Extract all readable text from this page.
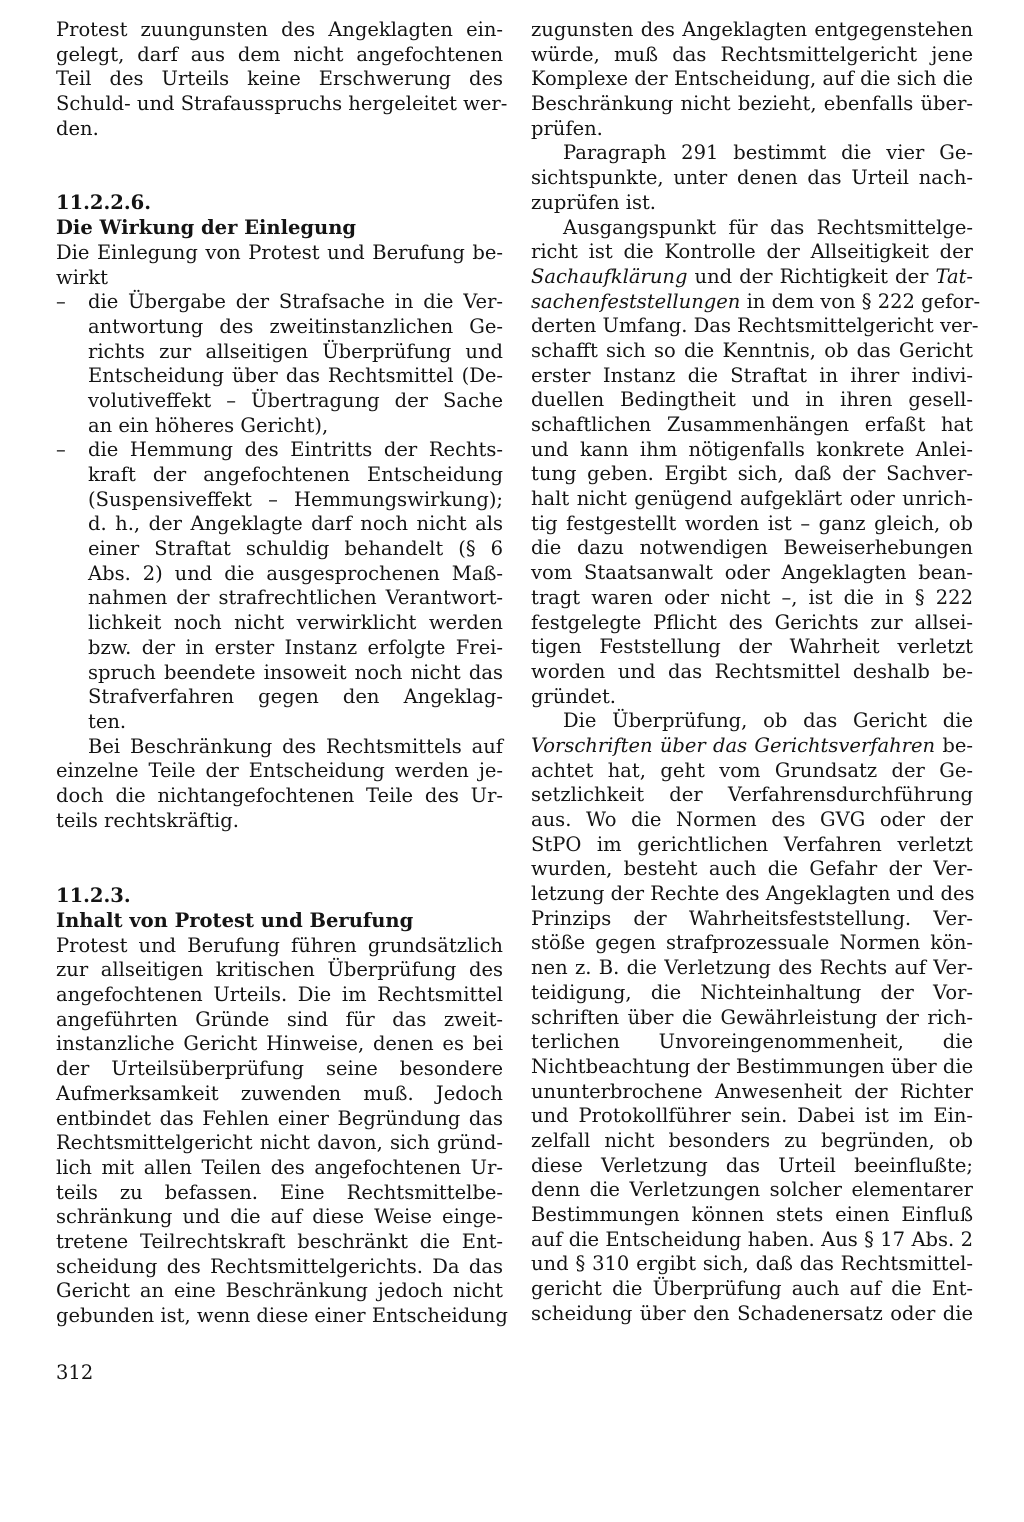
Protest zuungunsten des Angeklagten ein-
gelegt, darf aus dem nicht angefochtenen
Teil des Urteils keine Erschwerung des
Schuld- und Strafausspruchs hergeleitet wer-
den.
11.2.2.6.
Die Wirkung der Einlegung
Die Einlegung von Protest und Berufung be-
wirkt
– die Übergabe der Strafsache in die Ver-
antwortung des zweitinstanzlichen Ge-
richts zur allseitigen Überprüfung und
Entscheidung über das Rechtsmittel (De-
volutiveffekt – Übertragung der Sache
an ein höheres Gericht),
– die Hemmung des Eintritts der Rechts-
kraft der angefochtenen Entscheidung
(Suspensiveffekt – Hemmungswirkung);
d. h., der Angeklagte darf noch nicht als
einer Straftat schuldig behandelt (§ 6
Abs. 2) und die ausgesprochenen Maß-
nahmen der strafrechtlichen Verantwort-
lichkeit noch nicht verwirklicht werden
bzw. der in erster Instanz erfolgte Frei-
spruch beendete insoweit noch nicht das
Strafverfahren gegen den Angeklag-
ten.
Bei Beschränkung des Rechtsmittels auf
einzelne Teile der Entscheidung werden je-
doch die nichtangefochtenen Teile des Ur-
teils rechtskräftig.
11.2.3.
Inhalt von Protest und Berufung
Protest und Berufung führen grundsätzlich
zur allseitigen kritischen Überprüfung des
angefochtenen Urteils. Die im Rechtsmittel
angeführten Gründe sind für das zweit-
instanzliche Gericht Hinweise, denen es bei
der Urteilsüberprüfung seine besondere
Aufmerksamkeit zuwenden muß. Jedoch
entbindet das Fehlen einer Begründung das
Rechtsmittelgericht nicht davon, sich gründ-
lich mit allen Teilen des angefochtenen Ur-
teils zu befassen. Eine Rechtsmittelbe-
schränkung und die auf diese Weise einge-
tretene Teilrechtskraft beschränkt die Ent-
scheidung des Rechtsmittelgerichts. Da das
Gericht an eine Beschränkung jedoch nicht
gebunden ist, wenn diese einer Entscheidung
zugunsten des Angeklagten entgegenstehen
würde, muß das Rechtsmittelgericht jene
Komplexe der Entscheidung, auf die sich die
Beschränkung nicht bezieht, ebenfalls über-
prüfen.
Paragraph 291 bestimmt die vier Ge-
sichtspunkte, unter denen das Urteil nach-
zuprüfen ist.
Ausgangspunkt für das Rechtsmittelge-
richt ist die Kontrolle der Allseitigkeit der
Sachaufklärung und der Richtigkeit der Tat-
sachenfeststellungen in dem von § 222 gefor-
derten Umfang. Das Rechtsmittelgericht ver-
schafft sich so die Kenntnis, ob das Gericht
erster Instanz die Straftat in ihrer indivi-
duellen Bedingtheit und in ihren gesell-
schaftlichen Zusammenhängen erfaßt hat
und kann ihm nötigenfalls konkrete Anlei-
tung geben. Ergibt sich, daß der Sachver-
halt nicht genügend aufgeklärt oder unrich-
tig festgestellt worden ist – ganz gleich, ob
die dazu notwendigen Beweiserhebungen
vom Staatsanwalt oder Angeklagten bean-
tragt waren oder nicht –, ist die in § 222
festgelegte Pflicht des Gerichts zur allsei-
tigen Feststellung der Wahrheit verletzt
worden und das Rechtsmittel deshalb be-
gründet.
Die Überprüfung, ob das Gericht die
Vorschriften über das Gerichtsverfahren be-
achtet hat, geht vom Grundsatz der Ge-
setzlichkeit der Verfahrensdurchführung
aus. Wo die Normen des GVG oder der
StPO im gerichtlichen Verfahren verletzt
wurden, besteht auch die Gefahr der Ver-
letzung der Rechte des Angeklagten und des
Prinzips der Wahrheitsfeststellung. Ver-
stöße gegen strafprozessuale Normen kön-
nen z. B. die Verletzung des Rechts auf Ver-
teidigung, die Nichteinhaltung der Vor-
schriften über die Gewährleistung der rich-
terlichen Unvoreingenommenheit, die
Nichtbeachtung der Bestimmungen über die
ununterbrochene Anwesenheit der Richter
und Protokollführer sein. Dabei ist im Ein-
zelfall nicht besonders zu begründen, ob
diese Verletzung das Urteil beeinflußte;
denn die Verletzungen solcher elementarer
Bestimmungen können stets einen Einfluß
auf die Entscheidung haben. Aus § 17 Abs. 2
und § 310 ergibt sich, daß das Rechtsmittel-
gericht die Überprüfung auch auf die Ent-
scheidung über den Schadenersatz oder die
312
